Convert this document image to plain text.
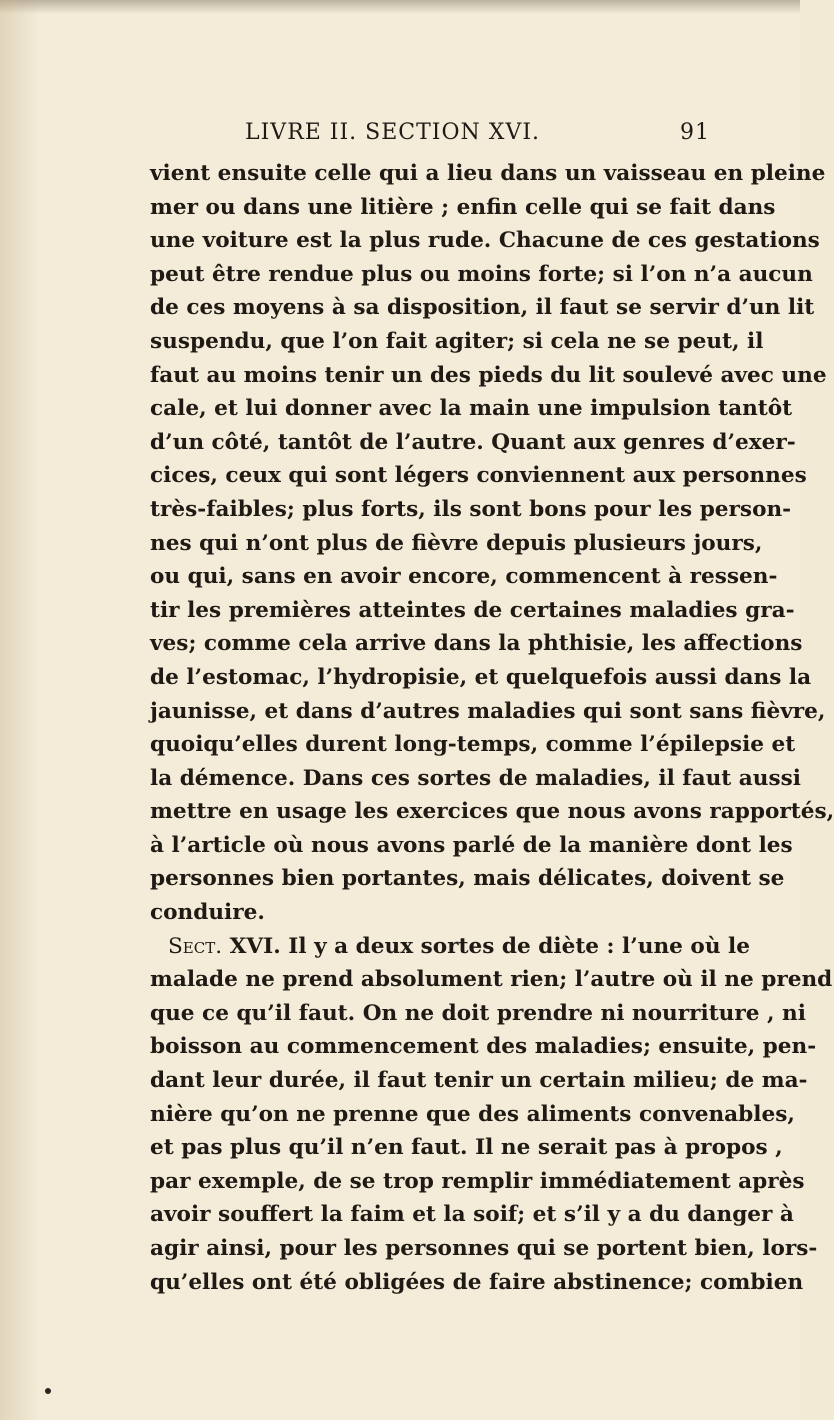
LIVRE II. SECTION XVI.	91
vient ensuite celle qui a lieu dans un vaisseau en pleine
mer ou dans une litière ; enfin celle qui se fait dans
une voiture est la plus rude. Chacune de ces gestations
peut être rendue plus ou moins forte; si l’on n’a aucun
de ces moyens à sa disposition, il faut se servir d’un lit
suspendu, que l’on fait agiter; si cela ne se peut, il
faut au moins tenir un des pieds du lit soulevé avec une
cale, et lui donner avec la main une impulsion tantôt
d’un côté, tantôt de l’autre. Quant aux genres d’exer-
cices, ceux qui sont légers conviennent aux personnes
très-faibles; plus forts, ils sont bons pour les person-
nes qui n’ont plus de fièvre depuis plusieurs jours,
ou qui, sans en avoir encore, commencent à ressen-
tir les premières atteintes de certaines maladies gra-
ves; comme cela arrive dans la phthisie, les affections
de l’estomac, l’hydropisie, et quelquefois aussi dans la
jaunisse, et dans d’autres maladies qui sont sans fièvre,
quoiqu’elles durent long-temps, comme l’épilepsie et
la démence. Dans ces sortes de maladies, il faut aussi
mettre en usage les exercices que nous avons rapportés,
à l’article où nous avons parlé de la manière dont les
personnes bien portantes, mais délicates, doivent se
conduire.
Sect. XVI. Il y a deux sortes de diète : l’une où le
malade ne prend absolument rien; l’autre où il ne prend
que ce qu’il faut. On ne doit prendre ni nourriture , ni
boisson au commencement des maladies; ensuite, pen-
dant leur durée, il faut tenir un certain milieu; de ma-
nière qu’on ne prenne que des aliments convenables,
et pas plus qu’il n’en faut. Il ne serait pas à propos ,
par exemple, de se trop remplir immédiatement après
avoir souffert la faim et la soif; et s’il y a du danger à
agir ainsi, pour les personnes qui se portent bien, lors-
qu’elles ont été obligées de faire abstinence; combien
